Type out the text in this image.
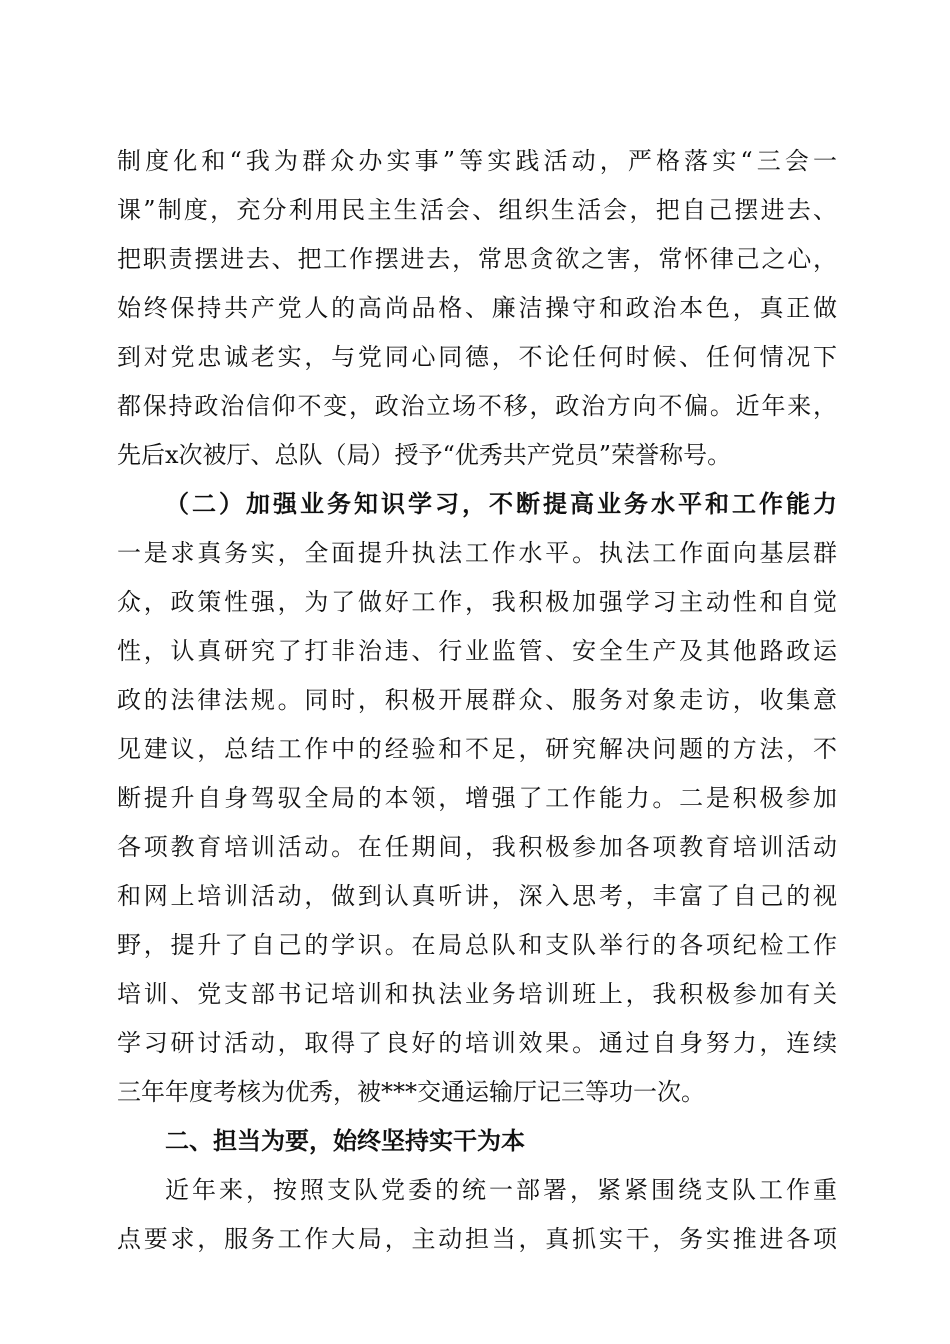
制度化和“我为群众办实事”等实践活动，严格落实“三会一
课”制度，充分利用民主生活会、组织生活会，把自己摆进去、
把职责摆进去、把工作摆进去，常思贪欲之害，常怀律己之心，
始终保持共产党人的高尚品格、廉洁操守和政治本色，真正做
到对党忠诚老实，与党同心同德，不论任何时候、任何情况下
都保持政治信仰不变，政治立场不移，政治方向不偏。近年来，
先后x次被厅、总队（局）授予“优秀共产党员”荣誉称号。
（二）加强业务知识学习，不断提高业务水平和工作能力
一是求真务实，全面提升执法工作水平。执法工作面向基层群
众，政策性强，为了做好工作，我积极加强学习主动性和自觉
性，认真研究了打非治违、行业监管、安全生产及其他路政运
政的法律法规。同时，积极开展群众、服务对象走访，收集意
见建议，总结工作中的经验和不足，研究解决问题的方法，不
断提升自身驾驭全局的本领，增强了工作能力。二是积极参加
各项教育培训活动。在任期间，我积极参加各项教育培训活动
和网上培训活动，做到认真听讲，深入思考，丰富了自己的视
野，提升了自己的学识。在局总队和支队举行的各项纪检工作
培训、党支部书记培训和执法业务培训班上，我积极参加有关
学习研讨活动，取得了良好的培训效果。通过自身努力，连续
三年年度考核为优秀，被***交通运输厅记三等功一次。
二、担当为要，始终坚持实干为本
近年来，按照支队党委的统一部署，紧紧围绕支队工作重
点要求，服务工作大局，主动担当，真抓实干，务实推进各项
